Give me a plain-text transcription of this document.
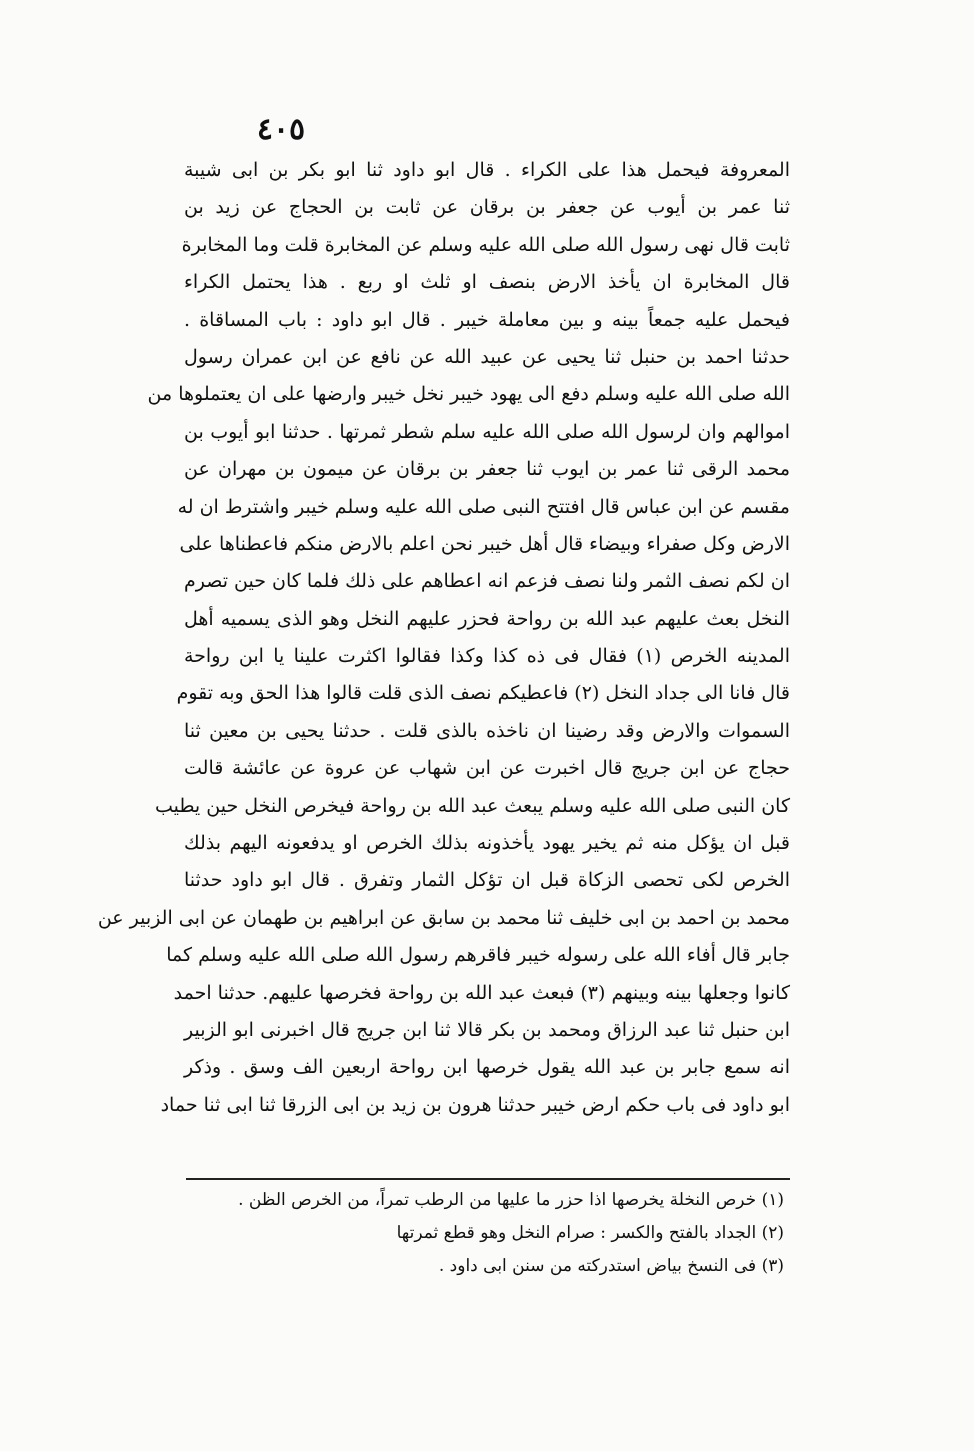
٤٠٥
المعروفة فيحمل هذا على الكراء . قال ابو داود ثنا ابو بكر بن ابى شيبة
ثنا عمر بن أيوب عن جعفر بن برقان عن ثابت بن الحجاج عن زيد بن
ثابت قال نهى رسول الله صلى الله عليه وسلم عن المخابرة قلت وما المخابرة
قال المخابرة ان يأخذ الارض بنصف او ثلث او ربع . هذا يحتمل الكراء
فيحمل عليه جمعاً بينه و بين معاملة خيبر . قال ابو داود : باب المساقاة .
حدثنا احمد بن حنبل ثنا يحيى عن عبيد الله عن نافع عن ابن عمران رسول
الله صلى الله عليه وسلم دفع الى يهود خيبر نخل خيبر وارضها على ان يعتملوها من
اموالهم وان لرسول الله صلى الله عليه سلم شطر ثمرتها . حدثنا ابو أيوب بن
محمد الرقى ثنا عمر بن ايوب ثنا جعفر بن برقان عن ميمون بن مهران عن
مقسم عن ابن عباس قال افتتح النبى صلى الله عليه وسلم خيبر واشترط ان له
الارض وكل صفراء وبيضاء قال أهل خيبر نحن اعلم بالارض منكم فاعطناها على
ان لكم نصف الثمر ولنا نصف فزعم انه اعطاهم على ذلك فلما كان حين تصرم
النخل بعث عليهم عبد الله بن رواحة فحزر عليهم النخل وهو الذى يسميه أهل
المدينه الخرص (١) فقال فى ذه كذا وكذا فقالوا اكثرت علينا يا ابن رواحة
قال فانا الى جداد النخل (٢) فاعطيكم نصف الذى قلت قالوا هذا الحق وبه تقوم
السموات والارض وقد رضينا ان ناخذه بالذى قلت . حدثنا يحيى بن معين ثنا
حجاج عن ابن جريج قال اخبرت عن ابن شهاب عن عروة عن عائشة قالت
كان النبى صلى الله عليه وسلم يبعث عبد الله بن رواحة فيخرص النخل حين يطيب
قبل ان يؤكل منه ثم يخير يهود يأخذونه بذلك الخرص او يدفعونه اليهم بذلك
الخرص لكى تحصى الزكاة قبل ان تؤكل الثمار وتفرق . قال ابو داود حدثنا
محمد بن احمد بن ابى خليف ثنا محمد بن سابق عن ابراهيم بن طهمان عن ابى الزبير عن
جابر قال أفاء الله على رسوله خيبر فاقرهم رسول الله صلى الله عليه وسلم كما
كانوا وجعلها بينه وبينهم (٣) فبعث عبد الله بن رواحة فخرصها عليهم. حدثنا احمد
ابن حنبل ثنا عبد الرزاق ومحمد بن بكر قالا ثنا ابن جريج قال اخبرنى ابو الزبير
انه سمع جابر بن عبد الله يقول خرصها ابن رواحة اربعين الف وسق . وذكر
ابو داود فى باب حكم ارض خيبر حدثنا هرون بن زيد بن ابى الزرقا ثنا ابى ثنا حماد
(١) خرص النخلة يخرصها اذا حزر ما عليها من الرطب تمراً، من الخرص الظن .
(٢) الجداد بالفتح والكسر : صرام النخل وهو قطع ثمرتها
(٣) فى النسخ بياض استدركته من سنن ابى داود .
